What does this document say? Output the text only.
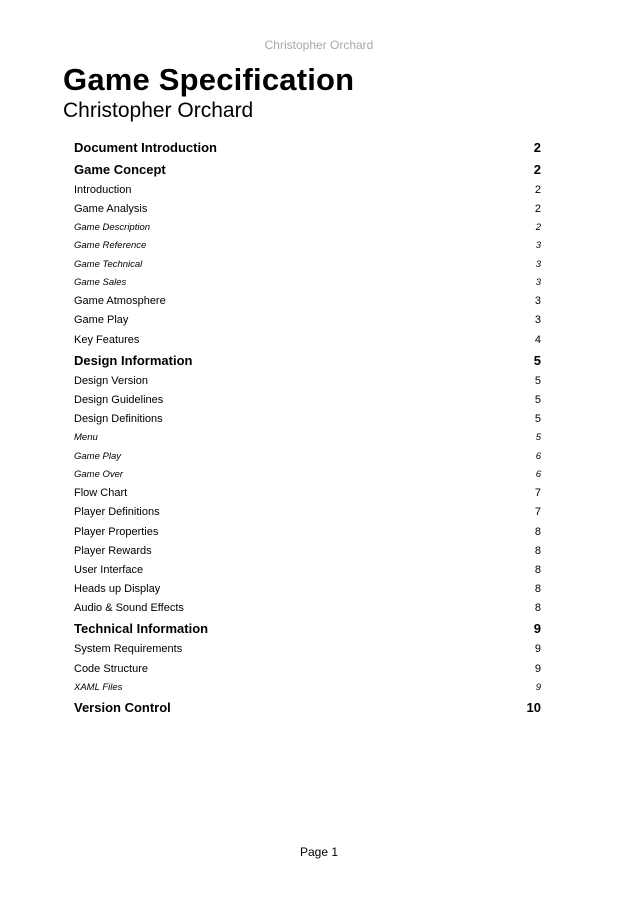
Christopher Orchard
Game Specification
Christopher Orchard
Document Introduction	2
Game Concept	2
Introduction	2
Game Analysis	2
Game Description	2
Game Reference	3
Game Technical	3
Game Sales	3
Game Atmosphere	3
Game Play	3
Key Features	4
Design Information	5
Design Version	5
Design Guidelines	5
Design Definitions	5
Menu	5
Game Play	6
Game Over	6
Flow Chart	7
Player Definitions	7
Player Properties	8
Player Rewards	8
User Interface	8
Heads up Display	8
Audio & Sound Effects	8
Technical Information	9
System Requirements	9
Code Structure	9
XAML Files	9
Version Control	10
Page 1
